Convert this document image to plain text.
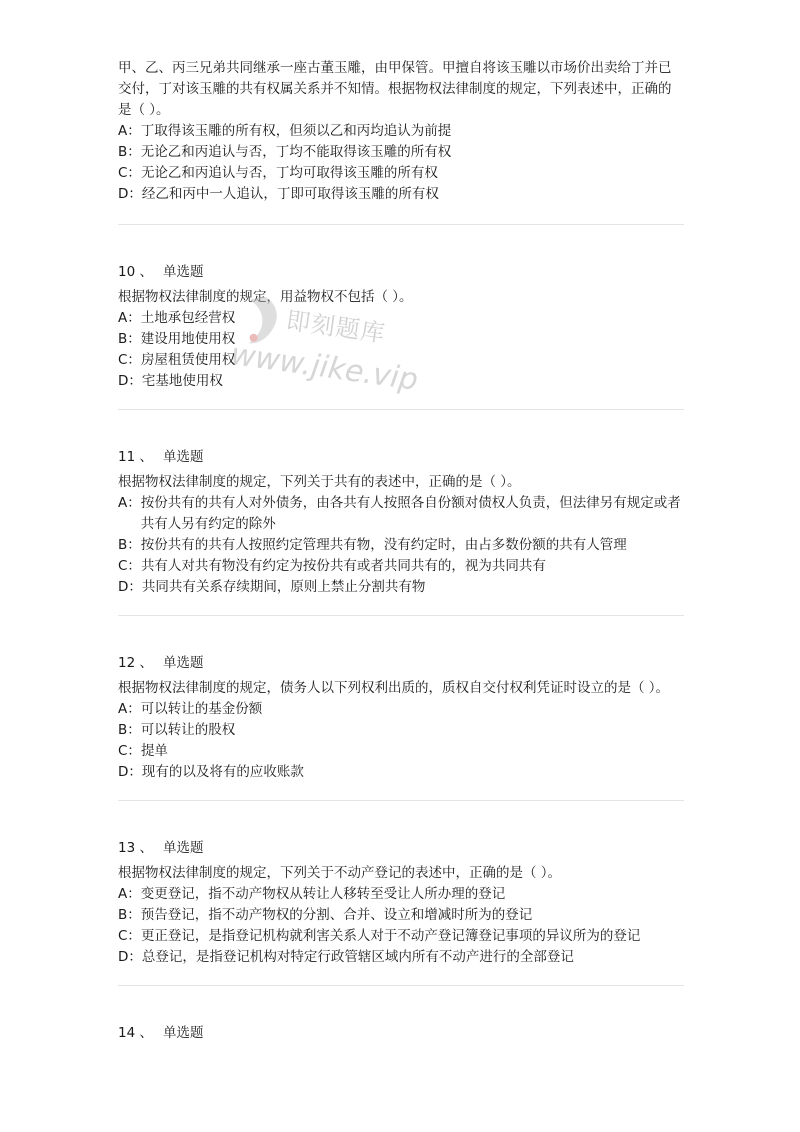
甲、乙、丙三兄弟共同继承一座古董玉雕，由甲保管。甲擅自将该玉雕以市场价出卖给丁并已交付，丁对该玉雕的共有权属关系并不知情。根据物权法律制度的规定，下列表述中，正确的是（ ）。

A： 丁取得该玉雕的所有权，但须以乙和丙均追认为前提
B： 无论乙和丙追认与否，丁均不能取得该玉雕的所有权
C： 无论乙和丙追认与否，丁均可取得该玉雕的所有权
D： 经乙和丙中一人追认，丁即可取得该玉雕的所有权

10 、 单选题

根据物权法律制度的规定，用益物权不包括（ ）。

A： 土地承包经营权
B： 建设用地使用权
C： 房屋租赁使用权
D： 宅基地使用权

11 、 单选题

根据物权法律制度的规定，下列关于共有的表述中，正确的是（ ）。

A： 按份共有的共有人对外债务，由各共有人按照各自份额对债权人负责，但法律另有规定或者共有人另有约定的除外
B： 按份共有的共有人按照约定管理共有物，没有约定时，由占多数份额的共有人管理
C： 共有人对共有物没有约定为按份共有或者共同共有的，视为共同共有
D： 共同共有关系存续期间，原则上禁止分割共有物

12 、 单选题

根据物权法律制度的规定，债务人以下列权利出质的，质权自交付权利凭证时设立的是（ ）。

A： 可以转让的基金份额
B： 可以转让的股权
C： 提单
D： 现有的以及将有的应收账款

13 、 单选题

根据物权法律制度的规定，下列关于不动产登记的表述中，正确的是（ ）。

A： 变更登记，指不动产物权从转让人移转至受让人所办理的登记
B： 预告登记，指不动产物权的分割、合并、设立和增减时所为的登记
C： 更正登记，是指登记机构就利害关系人对于不动产登记簿登记事项的异议所为的登记
D： 总登记，是指登记机构对特定行政管辖区域内所有不动产进行的全部登记

14 、 单选题

即刻题库
www.jike.vip
